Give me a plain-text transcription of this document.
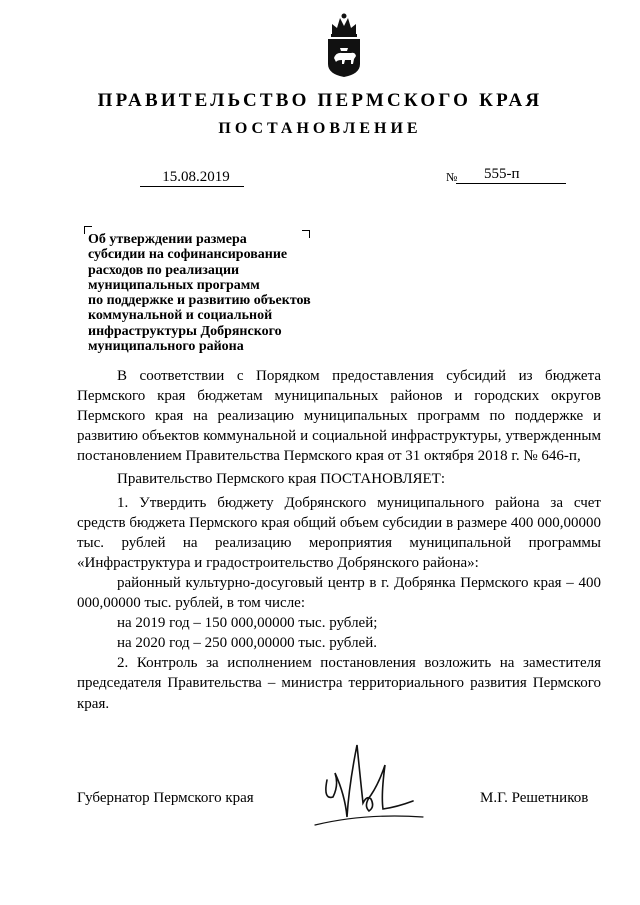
ПРАВИТЕЛЬСТВО ПЕРМСКОГО КРАЯ
ПОСТАНОВЛЕНИЕ
15.08.2019	№	555-п
Об утверждении размера
субсидии на софинансирование
расходов по реализации
муниципальных программ
по поддержке и развитию объектов
коммунальной и социальной
инфраструктуры Добрянского
муниципального района

В соответствии с Порядком предоставления субсидий из бюджета Пермского края бюджетам муниципальных районов и городских округов Пермского края на реализацию муниципальных программ по поддержке и развитию объектов коммунальной и социальной инфраструктуры, утвержденным постановлением Правительства Пермского края от 31 октября 2018 г. № 646-п,

Правительство Пермского края ПОСТАНОВЛЯЕТ:

1. Утвердить бюджету Добрянского муниципального района за счет средств бюджета Пермского края общий объем субсидии в размере 400 000,00000 тыс. рублей на реализацию мероприятия муниципальной программы «Инфраструктура и градостроительство Добрянского района»:

районный культурно-досуговый центр в г. Добрянка Пермского края – 400 000,00000 тыс. рублей, в том числе:

на 2019 год – 150 000,00000 тыс. рублей;

на 2020 год – 250 000,00000 тыс. рублей.

2. Контроль за исполнением постановления возложить на заместителя председателя Правительства – министра территориального развития Пермского края.

Губернатор Пермского края	М.Г. Решетников
